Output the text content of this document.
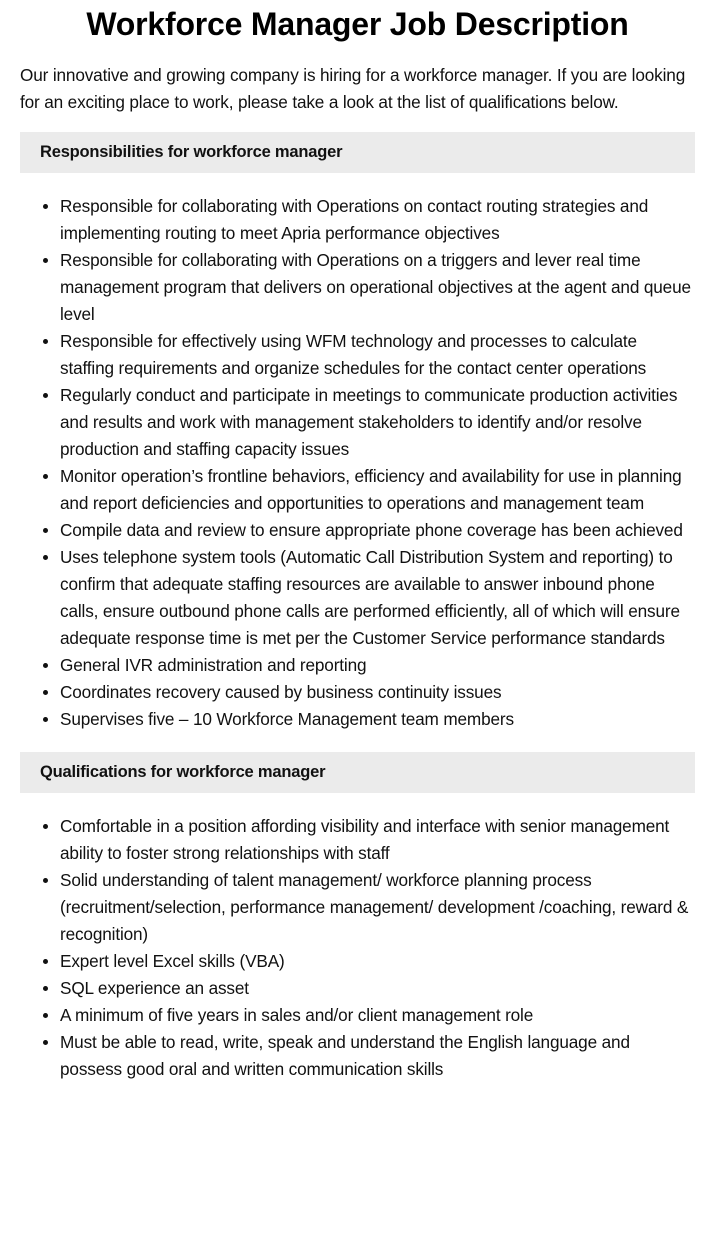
Workforce Manager Job Description

Our innovative and growing company is hiring for a workforce manager. If you are looking for an exciting place to work, please take a look at the list of qualifications below.

Responsibilities for workforce manager
Responsible for collaborating with Operations on contact routing strategies and implementing routing to meet Apria performance objectives
Responsible for collaborating with Operations on a triggers and lever real time management program that delivers on operational objectives at the agent and queue level
Responsible for effectively using WFM technology and processes to calculate staffing requirements and organize schedules for the contact center operations
Regularly conduct and participate in meetings to communicate production activities and results and work with management stakeholders to identify and/or resolve production and staffing capacity issues
Monitor operation’s frontline behaviors, efficiency and availability for use in planning and report deficiencies and opportunities to operations and management team
Compile data and review to ensure appropriate phone coverage has been achieved
Uses telephone system tools (Automatic Call Distribution System and reporting) to confirm that adequate staffing resources are available to answer inbound phone calls, ensure outbound phone calls are performed efficiently, all of which will ensure adequate response time is met per the Customer Service performance standards
General IVR administration and reporting
Coordinates recovery caused by business continuity issues
Supervises five – 10 Workforce Management team members
Qualifications for workforce manager
Comfortable in a position affording visibility and interface with senior management ability to foster strong relationships with staff
Solid understanding of talent management/ workforce planning process (recruitment/selection, performance management/ development /coaching, reward & recognition)
Expert level Excel skills (VBA)
SQL experience an asset
A minimum of five years in sales and/or client management role
Must be able to read, write, speak and understand the English language and possess good oral and written communication skills
